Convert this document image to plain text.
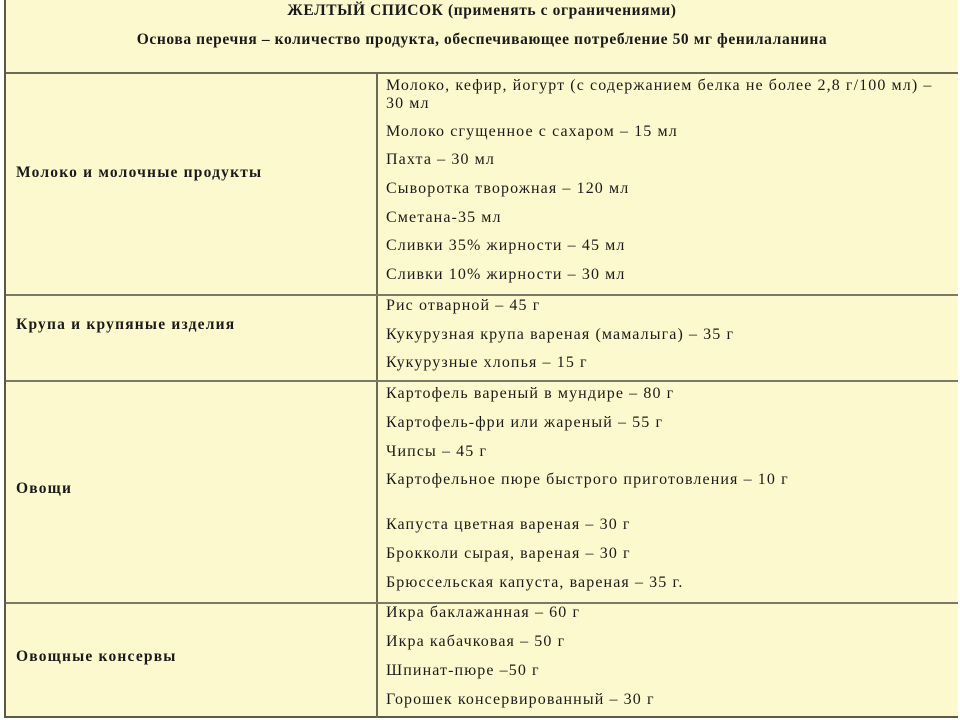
ЖЕЛТЫЙ СПИСОК (применять с ограничениями)
Основа перечня – количество продукта, обеспечивающее потребление 50 мг фенилаланина
Молоко и молочные продукты
Молоко, кефир, йогурт (с содержанием белка не более 2,8 г/100 мл) – 30 мл
Молоко сгущенное с сахаром – 15 мл
Пахта – 30 мл
Сыворотка творожная – 120 мл
Сметана-35 мл
Сливки 35% жирности – 45 мл
Сливки 10% жирности – 30 мл
Крупа и крупяные изделия
Рис отварной – 45 г
Кукурузная крупа вареная (мамалыга) – 35 г
Кукурузные хлопья – 15 г
Овощи
Картофель вареный в мундире – 80 г
Картофель-фри или жареный – 55 г
Чипсы – 45 г
Картофельное пюре быстрого приготовления – 10 г
Капуста цветная вареная – 30 г
Брокколи сырая, вареная – 30 г
Брюссельская капуста, вареная – 35 г.
Овощные консервы
Икра баклажанная – 60 г
Икра кабачковая – 50 г
Шпинат-пюре –50 г
Горошек консервированный – 30 г
